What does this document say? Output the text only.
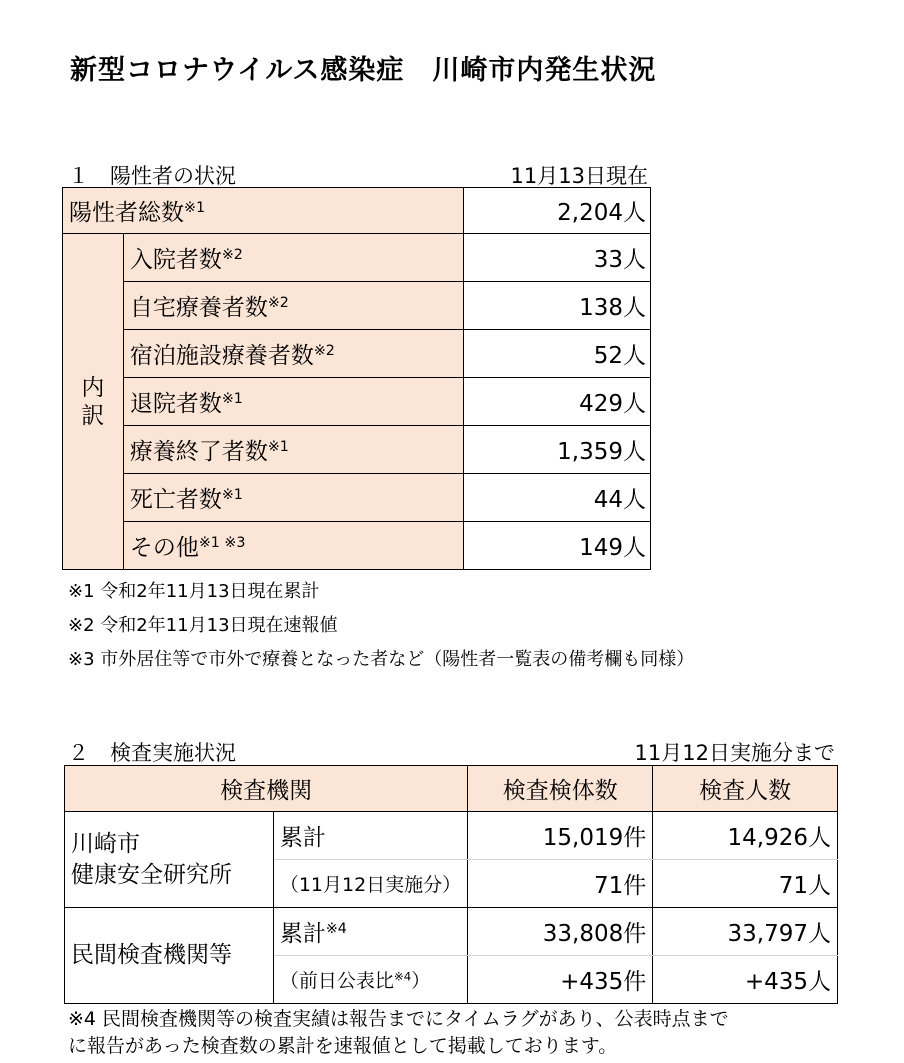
新型コロナウイルス感染症　川崎市内発生状況
１　陽性者の状況	11月13日現在
陽性者総数$^{※1}$		2,204人
内
訳	入院者数$^{※2}$	33人
	自宅療養者数$^{※2}$	138人
	宿泊施設療養者数$^{※2}$	52人
	退院者数$^{※1}$	429人
	療養終了者数$^{※1}$	1,359人
	死亡者数$^{※1}$	44人
	その他$^{※1 ※3}$	149人
※1 令和2年11月13日現在累計
※2 令和2年11月13日現在速報値
※3 市外居住等で市外で療養となった者など（陽性者一覧表の備考欄も同様）
２　検査実施状況	11月12日実施分まで
検査機関		検査検体数	検査人数
川崎市
健康安全研究所	累計	15,019件	14,926人
	（11月12日実施分）	71件	71人
民間検査機関等	累計$^{※4}$	33,808件	33,797人
	（前日公表比$^{※4}$）	+435件	+435人
※4 民間検査機関等の検査実績は報告までにタイムラグがあり、公表時点まで
に報告があった検査数の累計を速報値として掲載しております。
